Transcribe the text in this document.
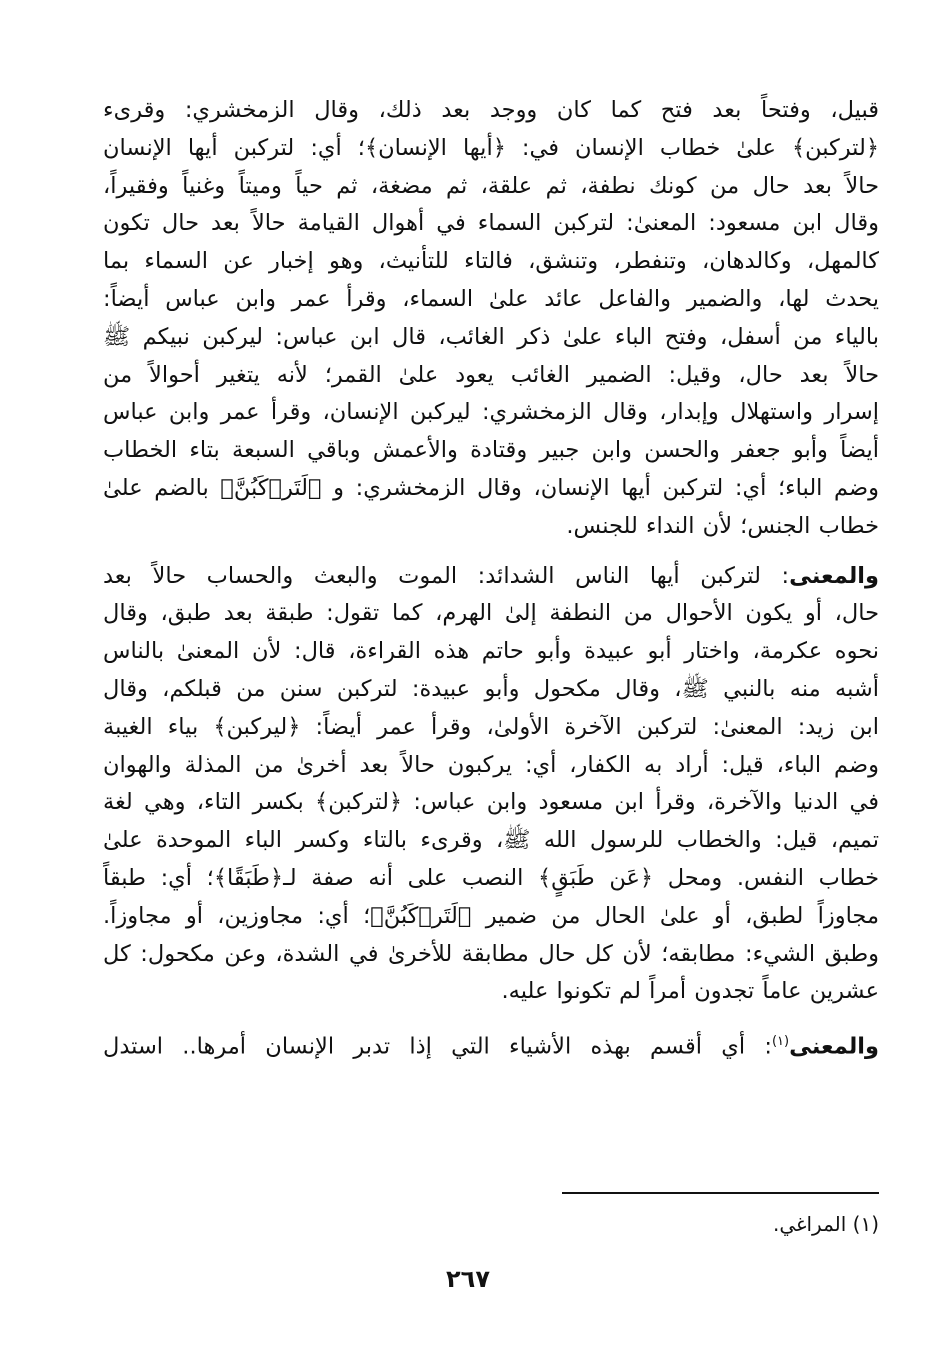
قبيل، وفتحاً بعد فتح كما كان ووجد بعد ذلك، وقال الزمخشري: وقرىء
﴿لتركبن﴾ علىٰ خطاب الإنسان في: ﴿أيها الإنسان﴾؛ أي: لتركبن أيها الإنسان
حالاً بعد حال من كونك نطفة، ثم علقة، ثم مضغة، ثم حياً وميتاً وغنياً وفقيراً،
وقال ابن مسعود: المعنىٰ: لتركبن السماء في أهوال القيامة حالاً بعد حال تكون
كالمهل، وكالدهان، وتنفطر، وتنشق، فالتاء للتأنيث، وهو إخبار عن السماء بما
يحدث لها، والضمير والفاعل عائد علىٰ السماء، وقرأ عمر وابن عباس أيضاً:
بالياء من أسفل، وفتح الباء علىٰ ذكر الغائب، قال ابن عباس: ليركبن نبيكم ﷺ
حالاً بعد حال، وقيل: الضمير الغائب يعود علىٰ القمر؛ لأنه يتغير أحوالاً من
إسرار واستهلال وإبدار، وقال الزمخشري: ليركبن الإنسان، وقرأ عمر وابن عباس
أيضاً وأبو جعفر والحسن وابن جبير وقتادة والأعمش وباقي السبعة بتاء الخطاب
وضم الباء؛ أي: لتركبن أيها الإنسان، وقال الزمخشري: و ﴿لَتَرۡكَبُنَّ﴾ بالضم علىٰ
خطاب الجنس؛ لأن النداء للجنس.

والمعنى: لتركبن أيها الناس الشدائد: الموت والبعث والحساب حالاً بعد
حال، أو يكون الأحوال من النطفة إلىٰ الهرم، كما تقول: طبقة بعد طبق، وقال
نحوه عكرمة، واختار أبو عبيدة وأبو حاتم هذه القراءة، قال: لأن المعنىٰ بالناس
أشبه منه بالنبي ﷺ، وقال مكحول وأبو عبيدة: لتركبن سنن من قبلكم، وقال
ابن زيد: المعنىٰ: لتركبن الآخرة الأولىٰ، وقرأ عمر أيضاً: ﴿ليركبن﴾ بياء الغيبة
وضم الباء، قيل: أراد به الكفار، أي: يركبون حالاً بعد أخرىٰ من المذلة والهوان
في الدنيا والآخرة، وقرأ ابن مسعود وابن عباس: ﴿لتركبن﴾ بكسر التاء، وهي لغة
تميم، قيل: والخطاب للرسول الله ﷺ، وقرىء بالتاء وكسر الباء الموحدة علىٰ
خطاب النفس. ومحل ﴿عَن طَبَقٍ﴾ النصب على أنه صفة لـ﴿طَبَقًا﴾؛ أي: طبقاً
مجاوزاً لطبق، أو علىٰ الحال من ضمير ﴿لَتَرۡكَبُنَّ﴾؛ أي: مجاوزين، أو مجاوزاً.
وطبق الشيء: مطابقه؛ لأن كل حال مطابقة للأخرىٰ في الشدة، وعن مكحول: كل
عشرين عاماً تجدون أمراً لم تكونوا عليه.

والمعنى$^{(١)}$: أي أقسم بهذه الأشياء التي إذا تدبر الإنسان أمرها.. استدل

(١) المراغي.
٢٦٧
